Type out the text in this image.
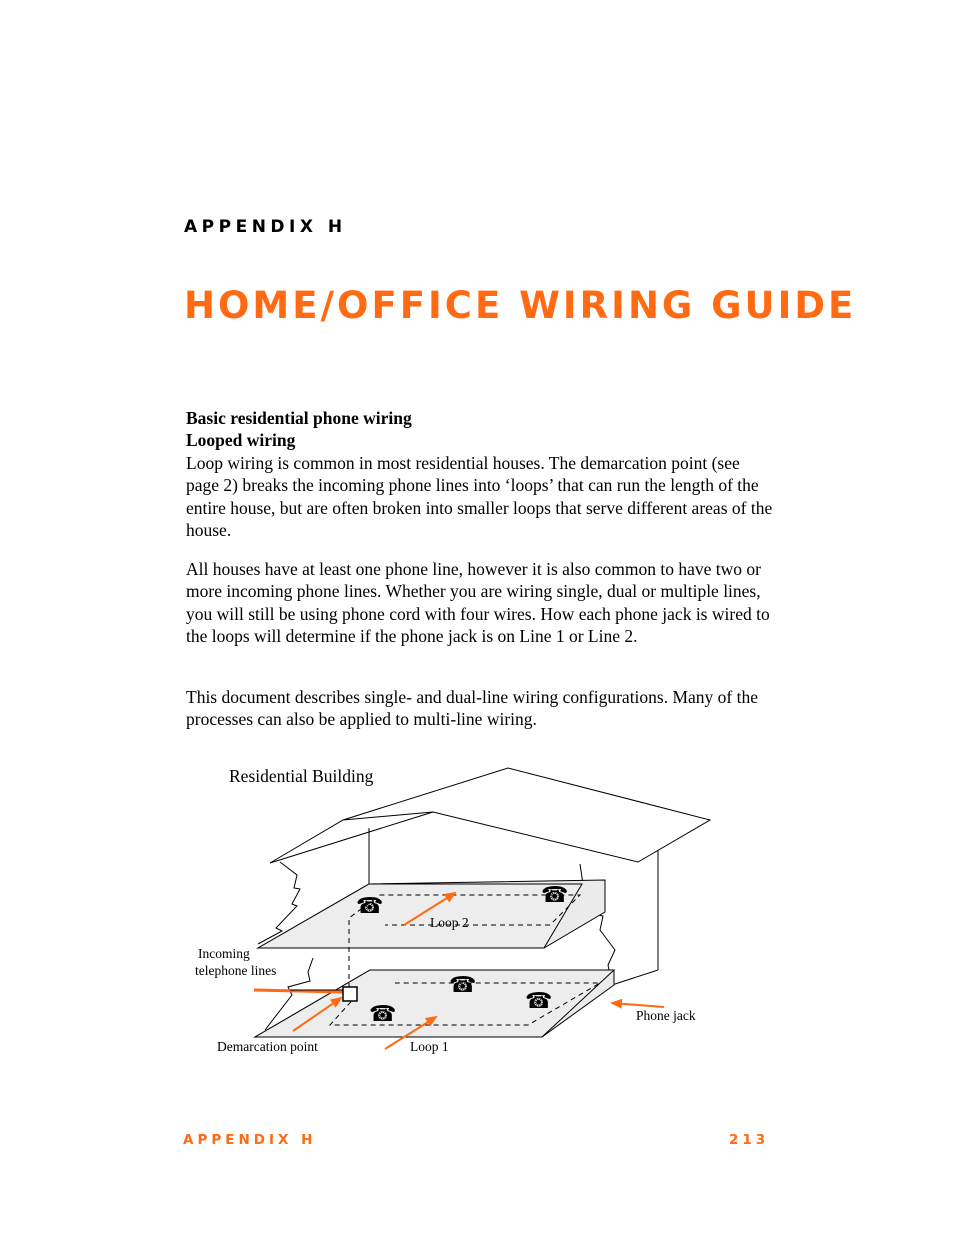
APPENDIX H
HOME/OFFICE WIRING GUIDE
Basic residential phone wiring
Looped wiring

Loop wiring is common in most residential houses. The demarcation point (see page 2) breaks the incoming phone lines into ‘loops’ that can run the length of the entire house, but are often broken into smaller loops that serve different areas of the house.

All houses have at least one phone line, however it is also common to have two or more incoming phone lines. Whether you are wiring single, dual or multiple lines, you will still be using phone cord with four wires. How each phone jack is wired to the loops will determine if the phone jack is on Line 1 or Line 2.

This document describes single- and dual-line wiring configurations. Many of the processes can also be applied to multi-line wiring.

Residential Building
☎	☎
☎
☎
☎
Incoming
telephone lines
Demarcation point	Loop 1
Loop 2
Phone jack
APPENDIX H	213
